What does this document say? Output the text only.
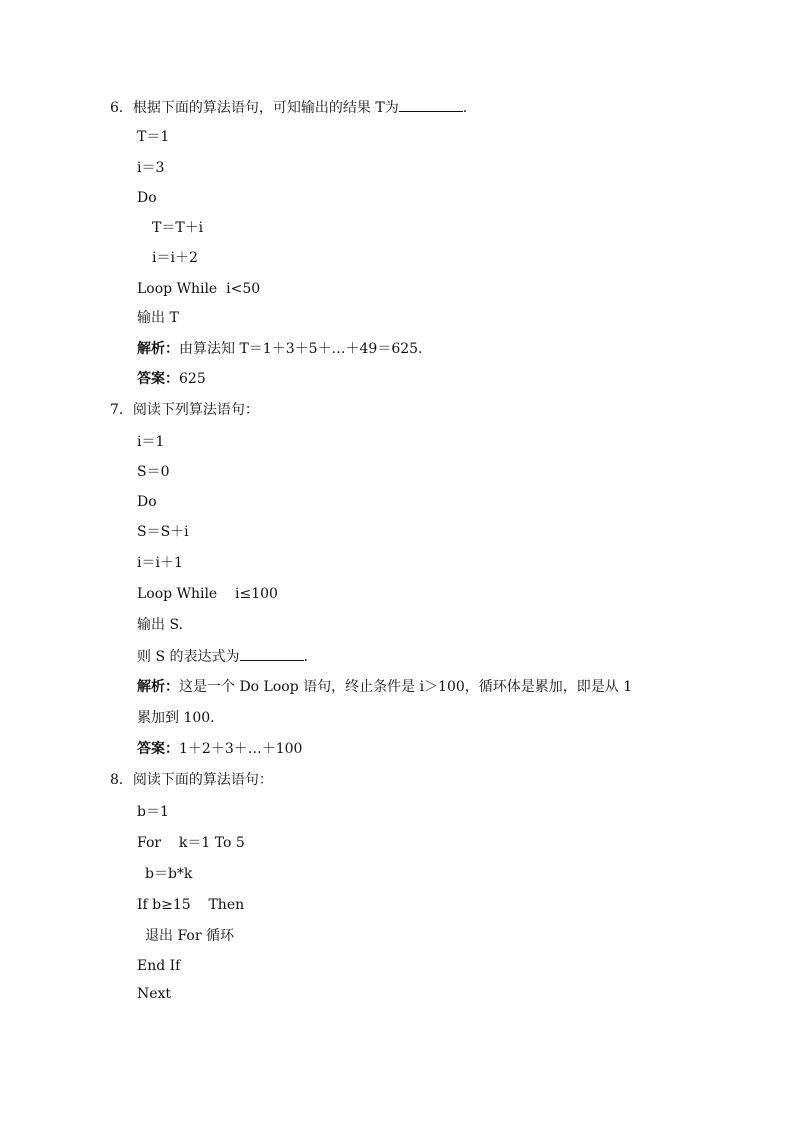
6．根据下面的算法语句，可知输出的结果 T为	.
T＝1
i＝3
Do
T＝T＋i
i＝i＋2
Loop While  i<50
输出 T
解析：由算法知 T＝1＋3＋5＋…＋49＝625.
答案：625
7．阅读下列算法语句：
i＝1
S＝0
Do
S＝S＋i
i＝i＋1
Loop While    i≤100
输出 S.
则 S 的表达式为	.
解析：这是一个 Do Loop 语句，终止条件是 i＞100，循环体是累加，即是从 1
累加到 100.
答案：1＋2＋3＋…＋100
8．阅读下面的算法语句：
b＝1
For    k＝1 To 5
b＝b*k
If b≥15    Then
退出 For 循环
End If
Next
